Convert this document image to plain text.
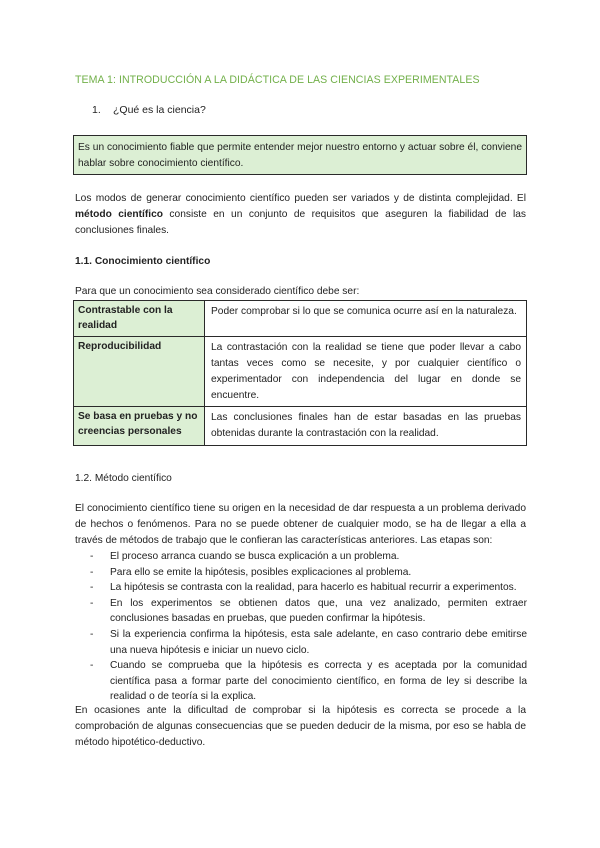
TEMA 1: INTRODUCCIÓN A LA DIDÁCTICA DE LAS CIENCIAS EXPERIMENTALES
1. ¿Qué es la ciencia?
Es un conocimiento fiable que permite entender mejor nuestro entorno y actuar sobre él, conviene hablar sobre conocimiento científico.
Los modos de generar conocimiento científico pueden ser variados y de distinta complejidad. El método científico consiste en un conjunto de requisitos que aseguren la fiabilidad de las conclusiones finales.
1.1. Conocimiento científico
Para que un conocimiento sea considerado científico debe ser:
Contrastable con la realidad	Poder comprobar si lo que se comunica ocurre así en la naturaleza.
Reproducibilidad	La contrastación con la realidad se tiene que poder llevar a cabo tantas veces como se necesite, y por cualquier científico o experimentador con independencia del lugar en donde se encuentre.
Se basa en pruebas y no creencias personales	Las conclusiones finales han de estar basadas en las pruebas obtenidas durante la contrastación con la realidad.
1.2. Método científico
El conocimiento científico tiene su origen en la necesidad de dar respuesta a un problema derivado de hechos o fenómenos. Para no se puede obtener de cualquier modo, se ha de llegar a ella a través de métodos de trabajo que le confieran las características anteriores. Las etapas son:
- El proceso arranca cuando se busca explicación a un problema.
- Para ello se emite la hipótesis, posibles explicaciones al problema.
- La hipótesis se contrasta con la realidad, para hacerlo es habitual recurrir a experimentos.
- En los experimentos se obtienen datos que, una vez analizado, permiten extraer conclusiones basadas en pruebas, que pueden confirmar la hipótesis.
- Si la experiencia confirma la hipótesis, esta sale adelante, en caso contrario debe emitirse una nueva hipótesis e iniciar un nuevo ciclo.
- Cuando se comprueba que la hipótesis es correcta y es aceptada por la comunidad científica pasa a formar parte del conocimiento científico, en forma de ley si describe la realidad o de teoría si la explica.
En ocasiones ante la dificultad de comprobar si la hipótesis es correcta se procede a la comprobación de algunas consecuencias que se pueden deducir de la misma, por eso se habla de método hipotético-deductivo.
